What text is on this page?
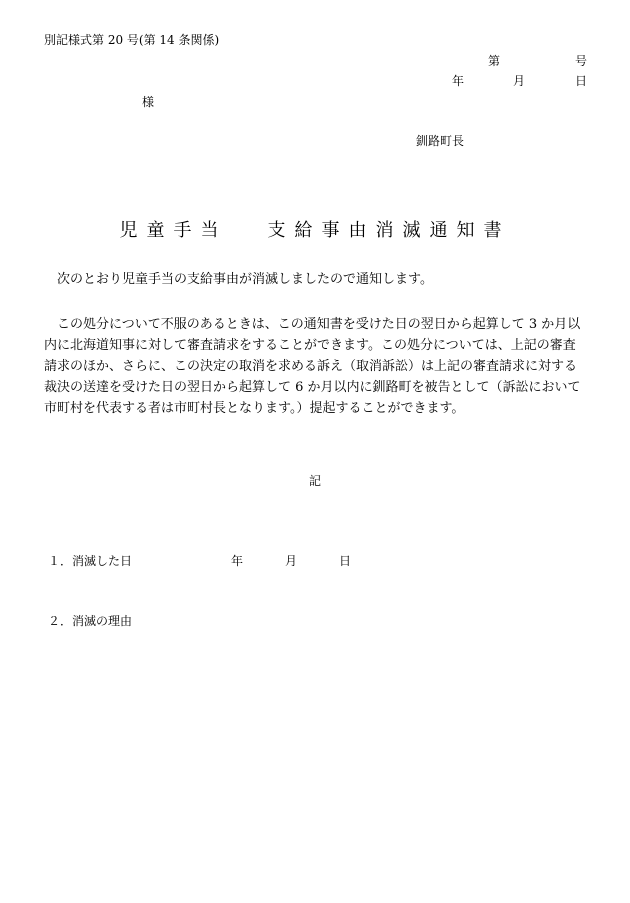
別記様式第 20 号(第 14 条関係)
第	号
年	月	日
様
釧路町長
児童手当 支給事由消滅通知書
次のとおり児童手当の支給事由が消滅しましたので通知します。
　この処分について不服のあるときは、この通知書を受けた日の翌日から起算して 3 か月以
内に北海道知事に対して審査請求をすることができます。この処分については、上記の審査
請求のほか、さらに、この決定の取消を求める訴え（取消訴訟）は上記の審査請求に対する
裁決の送達を受けた日の翌日から起算して 6 か月以内に釧路町を被告として（訴訟において
市町村を代表する者は市町村長となります。）提起することができます。
記
１． 消滅した日	年	月	日
２． 消滅の理由
